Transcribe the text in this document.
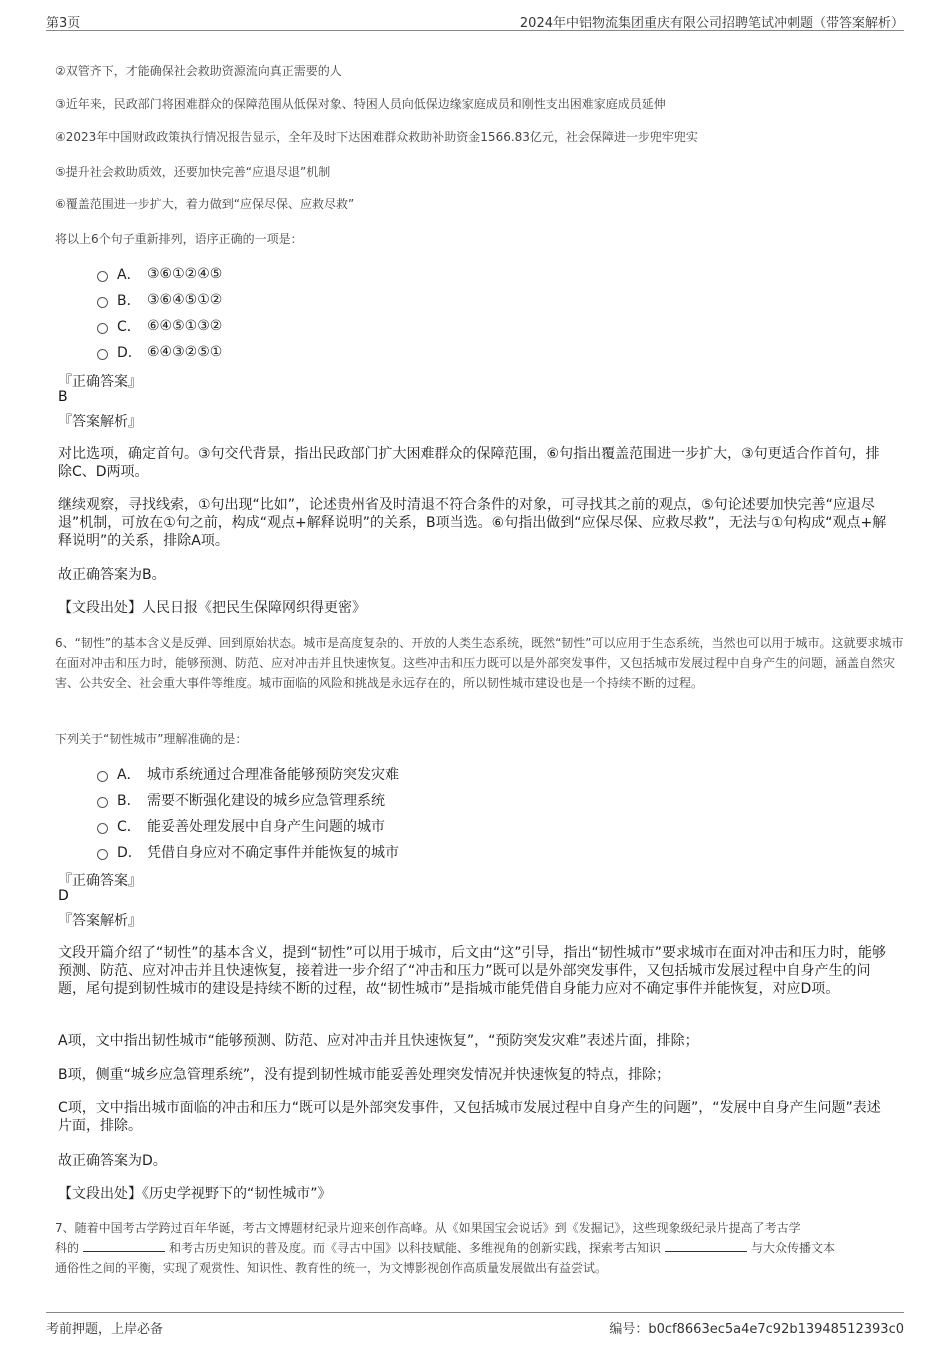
第3页	2024年中铝物流集团重庆有限公司招聘笔试冲刺题（带答案解析）
②双管齐下，才能确保社会救助资源流向真正需要的人
③近年来，民政部门将困难群众的保障范围从低保对象、特困人员向低保边缘家庭成员和刚性支出困难家庭成员延伸
④2023年中国财政政策执行情况报告显示，全年及时下达困难群众救助补助资金1566.83亿元，社会保障进一步兜牢兜实
⑤提升社会救助质效，还要加快完善“应退尽退”机制
⑥覆盖范围进一步扩大，着力做到“应保尽保、应救尽救”
将以上6个句子重新排列，语序正确的一项是：
A． ③⑥①②④⑤
B． ③⑥④⑤①②
C． ⑥④⑤①③②
D． ⑥④③②⑤①
『正确答案』
B
『答案解析』
对比选项，确定首句。③句交代背景，指出民政部门扩大困难群众的保障范围，⑥句指出覆盖范围进一步扩大，③句更适合作首句，排除C、D两项。
继续观察，寻找线索，①句出现“比如”，论述贵州省及时清退不符合条件的对象，可寻找其之前的观点，⑤句论述要加快完善“应退尽退”机制，可放在①句之前，构成“观点+解释说明”的关系，B项当选。⑥句指出做到“应保尽保、应救尽救”，无法与①句构成“观点+解释说明”的关系，排除A项。
故正确答案为B。
【文段出处】人民日报《把民生保障网织得更密》
6、“韧性”的基本含义是反弹、回到原始状态。城市是高度复杂的、开放的人类生态系统，既然“韧性”可以应用于生态系统，当然也可以用于城市。这就要求城市在面对冲击和压力时，能够预测、防范、应对冲击并且快速恢复。这些冲击和压力既可以是外部突发事件，又包括城市发展过程中自身产生的问题，涵盖自然灾害、公共安全、社会重大事件等维度。城市面临的风险和挑战是永远存在的，所以韧性城市建设也是一个持续不断的过程。
下列关于“韧性城市”理解准确的是：
A． 城市系统通过合理准备能够预防突发灾难
B． 需要不断强化建设的城乡应急管理系统
C． 能妥善处理发展中自身产生问题的城市
D． 凭借自身应对不确定事件并能恢复的城市
『正确答案』
D
『答案解析』
文段开篇介绍了“韧性”的基本含义，提到“韧性”可以用于城市，后文由“这”引导，指出“韧性城市”要求城市在面对冲击和压力时，能够预测、防范、应对冲击并且快速恢复，接着进一步介绍了“冲击和压力”既可以是外部突发事件，又包括城市发展过程中自身产生的问题，尾句提到韧性城市的建设是持续不断的过程，故“韧性城市”是指城市能凭借自身能力应对不确定事件并能恢复，对应D项。
A项，文中指出韧性城市“能够预测、防范、应对冲击并且快速恢复”，“预防突发灾难”表述片面，排除；
B项，侧重“城乡应急管理系统”，没有提到韧性城市能妥善处理突发情况并快速恢复的特点，排除；
C项，文中指出城市面临的冲击和压力“既可以是外部突发事件，又包括城市发展过程中自身产生的问题”，“发展中自身产生问题”表述片面，排除。
故正确答案为D。
【文段出处】《历史学视野下的“韧性城市”》
7、随着中国考古学跨过百年华诞，考古文博题材纪录片迎来创作高峰。从《如果国宝会说话》到《发掘记》，这些现象级纪录片提高了考古学
科的	和考古历史知识的普及度。而《寻古中国》以科技赋能、多维视角的创新实践，探索考古知识	与大众传播文本
通俗性之间的平衡，实现了观赏性、知识性、教育性的统一，为文博影视创作高质量发展做出有益尝试。
考前押题，上岸必备	编号：b0cf8663ec5a4e7c92b13948512393c0
